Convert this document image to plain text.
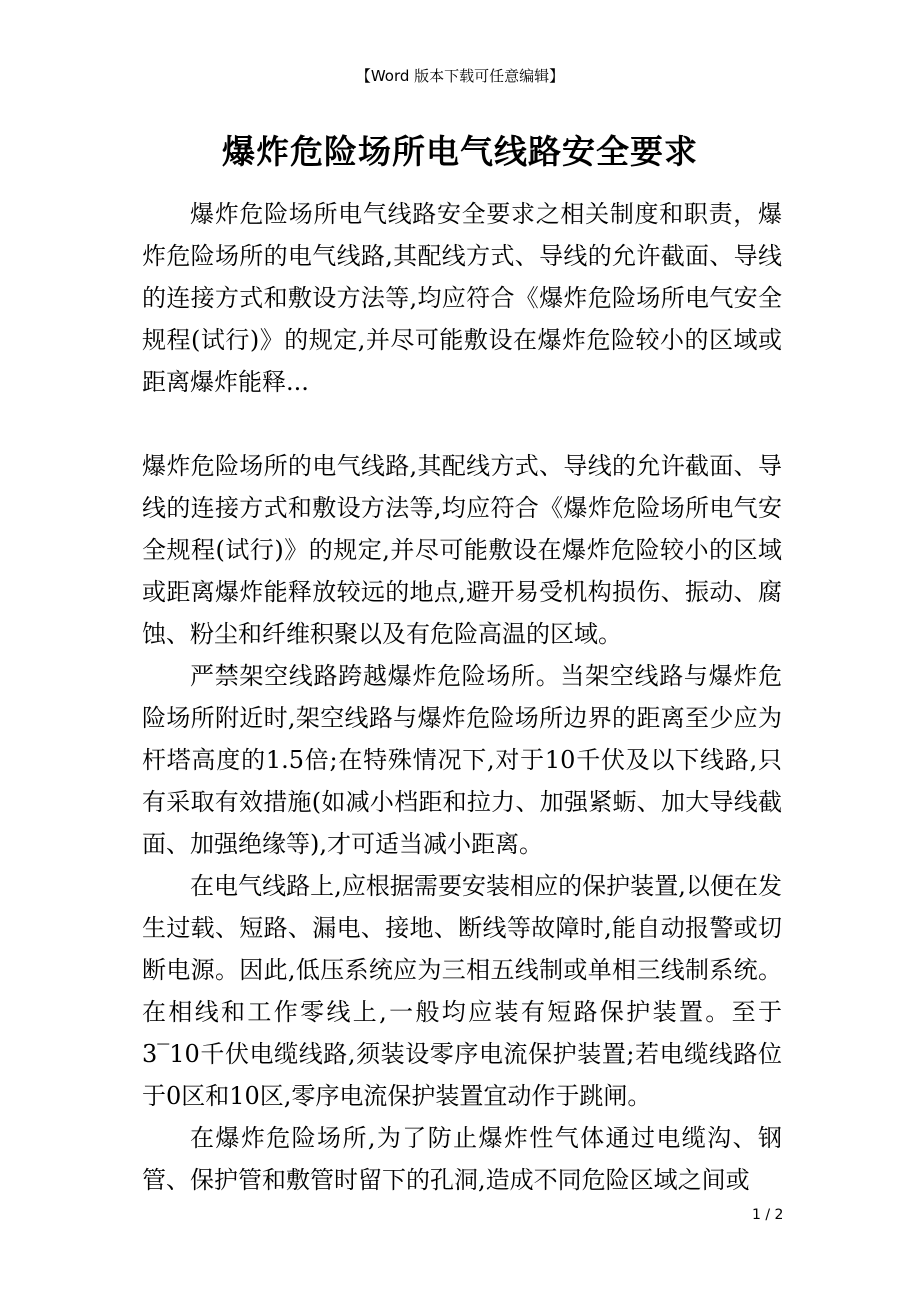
【Word 版本下载可任意编辑】
爆炸危险场所电气线路安全要求

爆炸危险场所电气线路安全要求之相关制度和职责，爆炸危险场所的电气线路,其配线方式、导线的允许截面、导线的连接方式和敷设方法等,均应符合《爆炸危险场所电气安全规程(试行)》的规定,并尽可能敷设在爆炸危险较小的区域或距离爆炸能释...

爆炸危险场所的电气线路,其配线方式、导线的允许截面、导线的连接方式和敷设方法等,均应符合《爆炸危险场所电气安全规程(试行)》的规定,并尽可能敷设在爆炸危险较小的区域或距离爆炸能释放较远的地点,避开易受机构损伤、振动、腐蚀、粉尘和纤维积聚以及有危险高温的区域。

严禁架空线路跨越爆炸危险场所。当架空线路与爆炸危险场所附近时,架空线路与爆炸危险场所边界的距离至少应为杆塔高度的1.5倍;在特殊情况下,对于10千伏及以下线路,只有采取有效措施(如减小档距和拉力、加强紧蛎、加大导线截面、加强绝缘等),才可适当减小距离。

在电气线路上,应根据需要安装相应的保护装置,以便在发生过载、短路、漏电、接地、断线等故障时,能自动报警或切断电源。因此,低压系统应为三相五线制或单相三线制系统。在相线和工作零线上,一般均应装有短路保护装置。至于3‾10千伏电缆线路,须装设零序电流保护装置;若电缆线路位于0区和10区,零序电流保护装置宜动作于跳闸。

在爆炸危险场所,为了防止爆炸性气体通过电缆沟、钢管、保护管和敷管时留下的孔洞,造成不同危险区域之间或

1 / 2
